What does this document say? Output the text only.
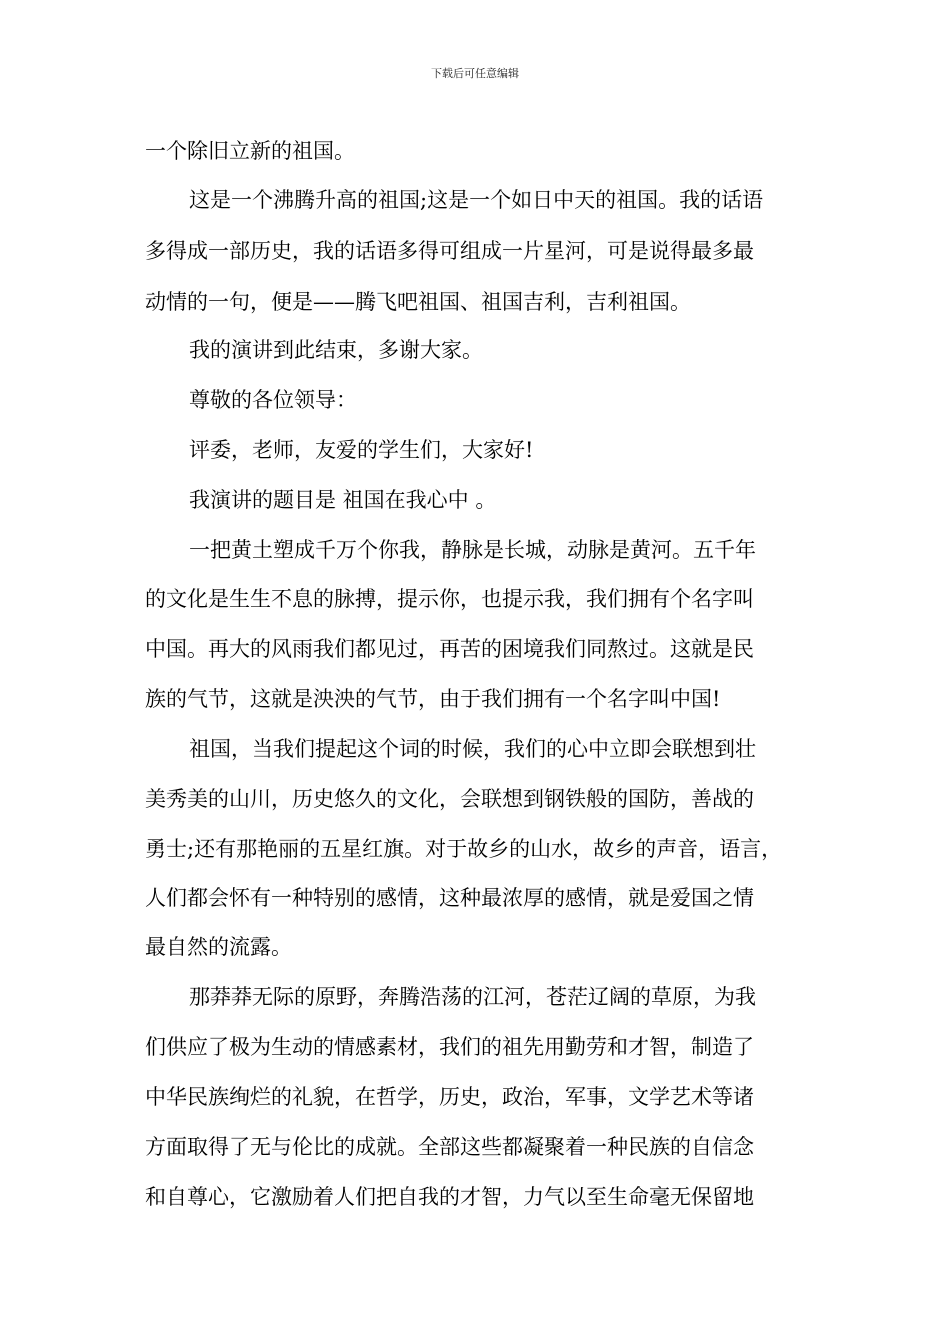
下载后可任意编辑
一个除旧立新的祖国。
这是一个沸腾升高的祖国;这是一个如日中天的祖国。我的话语
多得成一部历史，我的话语多得可组成一片星河，可是说得最多最
动情的一句，便是——腾飞吧祖国、祖国吉利，吉利祖国。
我的演讲到此结束，多谢大家。
尊敬的各位领导：
评委，老师，友爱的学生们，大家好!
我演讲的题目是 祖国在我心中 。
一把黄土塑成千万个你我，静脉是长城，动脉是黄河。五千年
的文化是生生不息的脉搏，提示你，也提示我，我们拥有个名字叫
中国。再大的风雨我们都见过，再苦的困境我们同熬过。这就是民
族的气节，这就是泱泱的气节，由于我们拥有一个名字叫中国!
祖国，当我们提起这个词的时候，我们的心中立即会联想到壮
美秀美的山川，历史悠久的文化，会联想到钢铁般的国防，善战的
勇士;还有那艳丽的五星红旗。对于故乡的山水，故乡的声音，语言，
人们都会怀有一种特别的感情，这种最浓厚的感情，就是爱国之情
最自然的流露。
那莽莽无际的原野，奔腾浩荡的江河，苍茫辽阔的草原，为我
们供应了极为生动的情感素材，我们的祖先用勤劳和才智，制造了
中华民族绚烂的礼貌，在哲学，历史，政治，军事，文学艺术等诸
方面取得了无与伦比的成就。全部这些都凝聚着一种民族的自信念
和自尊心，它激励着人们把自我的才智，力气以至生命毫无保留地
